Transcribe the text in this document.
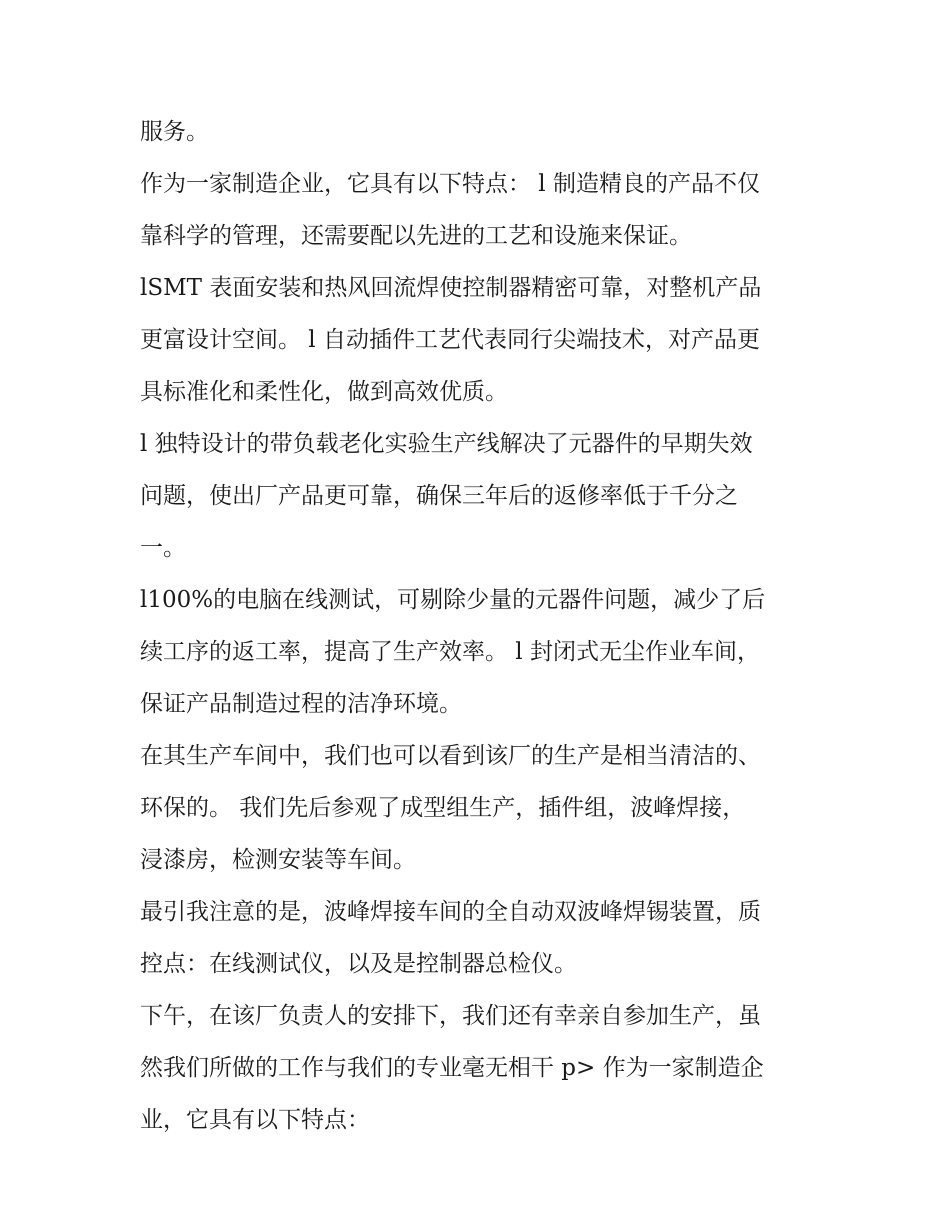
服务。
作为一家制造企业，它具有以下特点： l 制造精良的产品不仅
靠科学的管理，还需要配以先进的工艺和设施来保证。
lSMT 表面安装和热风回流焊使控制器精密可靠，对整机产品
更富设计空间。 l 自动插件工艺代表同行尖端技术，对产品更
具标准化和柔性化，做到高效优质。
l 独特设计的带负载老化实验生产线解决了元器件的早期失效
问题，使出厂产品更可靠，确保三年后的返修率低于千分之
一。
l100%的电脑在线测试，可剔除少量的元器件问题，减少了后
续工序的返工率，提高了生产效率。 l 封闭式无尘作业车间，
保证产品制造过程的洁净环境。
在其生产车间中，我们也可以看到该厂的生产是相当清洁的、
环保的。 我们先后参观了成型组生产，插件组，波峰焊接，
浸漆房，检测安装等车间。
最引我注意的是，波峰焊接车间的全自动双波峰焊锡装置，质
控点：在线测试仪，以及是控制器总检仪。
下午，在该厂负责人的安排下，我们还有幸亲自参加生产，虽
然我们所做的工作与我们的专业毫无相干 p> 作为一家制造企
业，它具有以下特点：
